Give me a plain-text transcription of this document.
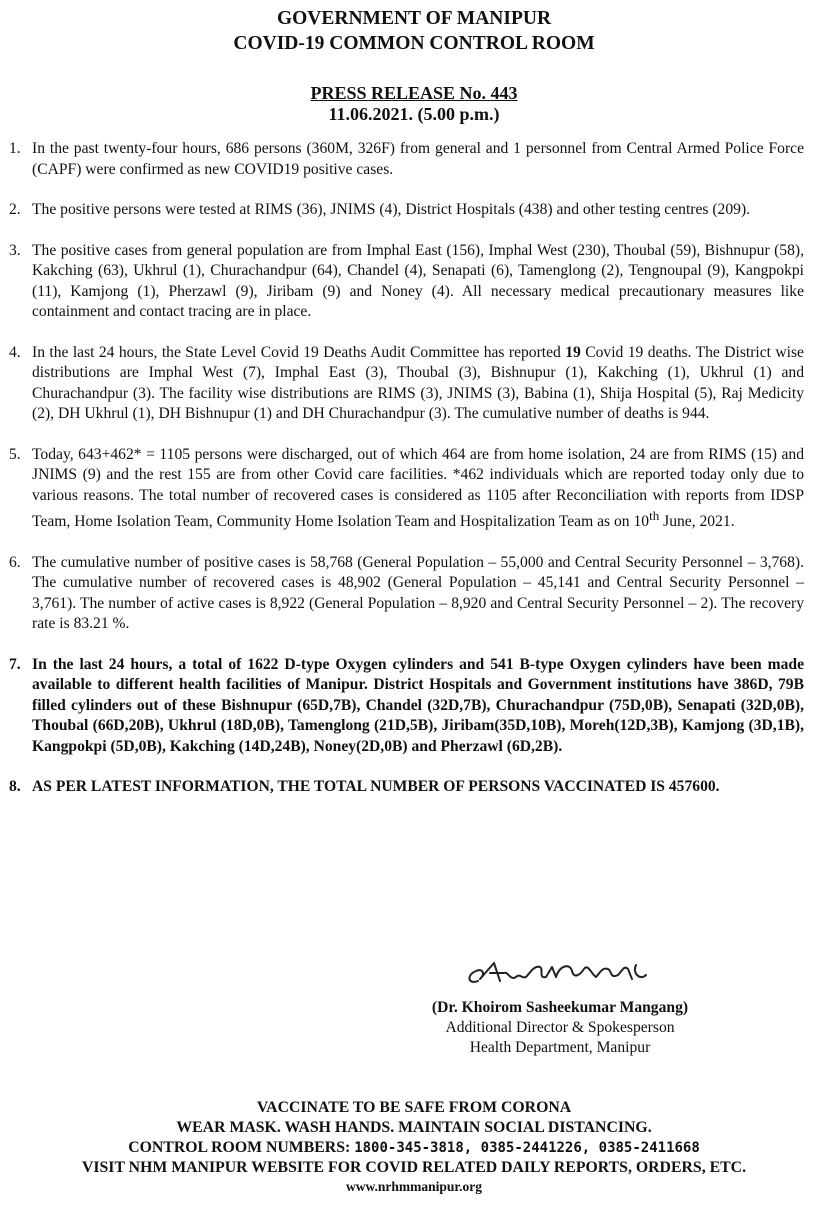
GOVERNMENT OF MANIPUR
COVID-19 COMMON CONTROL ROOM
PRESS RELEASE No. 443
11.06.2021. (5.00 p.m.)
1. In the past twenty-four hours, 686 persons (360M, 326F) from general and 1 personnel from Central Armed Police Force (CAPF) were confirmed as new COVID19 positive cases.
2. The positive persons were tested at RIMS (36), JNIMS (4), District Hospitals (438) and other testing centres (209).
3. The positive cases from general population are from Imphal East (156), Imphal West (230), Thoubal (59), Bishnupur (58), Kakching (63), Ukhrul (1), Churachandpur (64), Chandel (4), Senapati (6), Tamenglong (2), Tengnoupal (9), Kangpokpi (11), Kamjong (1), Pherzawl (9), Jiribam (9) and Noney (4). All necessary medical precautionary measures like containment and contact tracing are in place.
4. In the last 24 hours, the State Level Covid 19 Deaths Audit Committee has reported 19 Covid 19 deaths. The District wise distributions are Imphal West (7), Imphal East (3), Thoubal (3), Bishnupur (1), Kakching (1), Ukhrul (1) and Churachandpur (3). The facility wise distributions are RIMS (3), JNIMS (3), Babina (1), Shija Hospital (5), Raj Medicity (2), DH Ukhrul (1), DH Bishnupur (1) and DH Churachandpur (3). The cumulative number of deaths is 944.
5. Today, 643+462* = 1105 persons were discharged, out of which 464 are from home isolation, 24 are from RIMS (15) and JNIMS (9) and the rest 155 are from other Covid care facilities. *462 individuals which are reported today only due to various reasons. The total number of recovered cases is considered as 1105 after Reconciliation with reports from IDSP Team, Home Isolation Team, Community Home Isolation Team and Hospitalization Team as on 10th June, 2021.
6. The cumulative number of positive cases is 58,768 (General Population – 55,000 and Central Security Personnel – 3,768). The cumulative number of recovered cases is 48,902 (General Population – 45,141 and Central Security Personnel – 3,761). The number of active cases is 8,922 (General Population – 8,920 and Central Security Personnel – 2). The recovery rate is 83.21 %.
7. In the last 24 hours, a total of 1622 D-type Oxygen cylinders and 541 B-type Oxygen cylinders have been made available to different health facilities of Manipur. District Hospitals and Government institutions have 386D, 79B filled cylinders out of these Bishnupur (65D,7B), Chandel (32D,7B), Churachandpur (75D,0B), Senapati (32D,0B), Thoubal (66D,20B), Ukhrul (18D,0B), Tamenglong (21D,5B), Jiribam(35D,10B), Moreh(12D,3B), Kamjong (3D,1B), Kangpokpi (5D,0B), Kakching (14D,24B), Noney(2D,0B) and Pherzawl (6D,2B).
8. AS PER LATEST INFORMATION, THE TOTAL NUMBER OF PERSONS VACCINATED IS 457600.
(Dr. Khoirom Sasheekumar Mangang)
Additional Director & Spokesperson
Health Department, Manipur
VACCINATE TO BE SAFE FROM CORONA
WEAR MASK. WASH HANDS. MAINTAIN SOCIAL DISTANCING.
CONTROL ROOM NUMBERS: 1800-345-3818, 0385-2441226, 0385-2411668
VISIT NHM MANIPUR WEBSITE FOR COVID RELATED DAILY REPORTS, ORDERS, ETC.
www.nrhmmanipur.org
